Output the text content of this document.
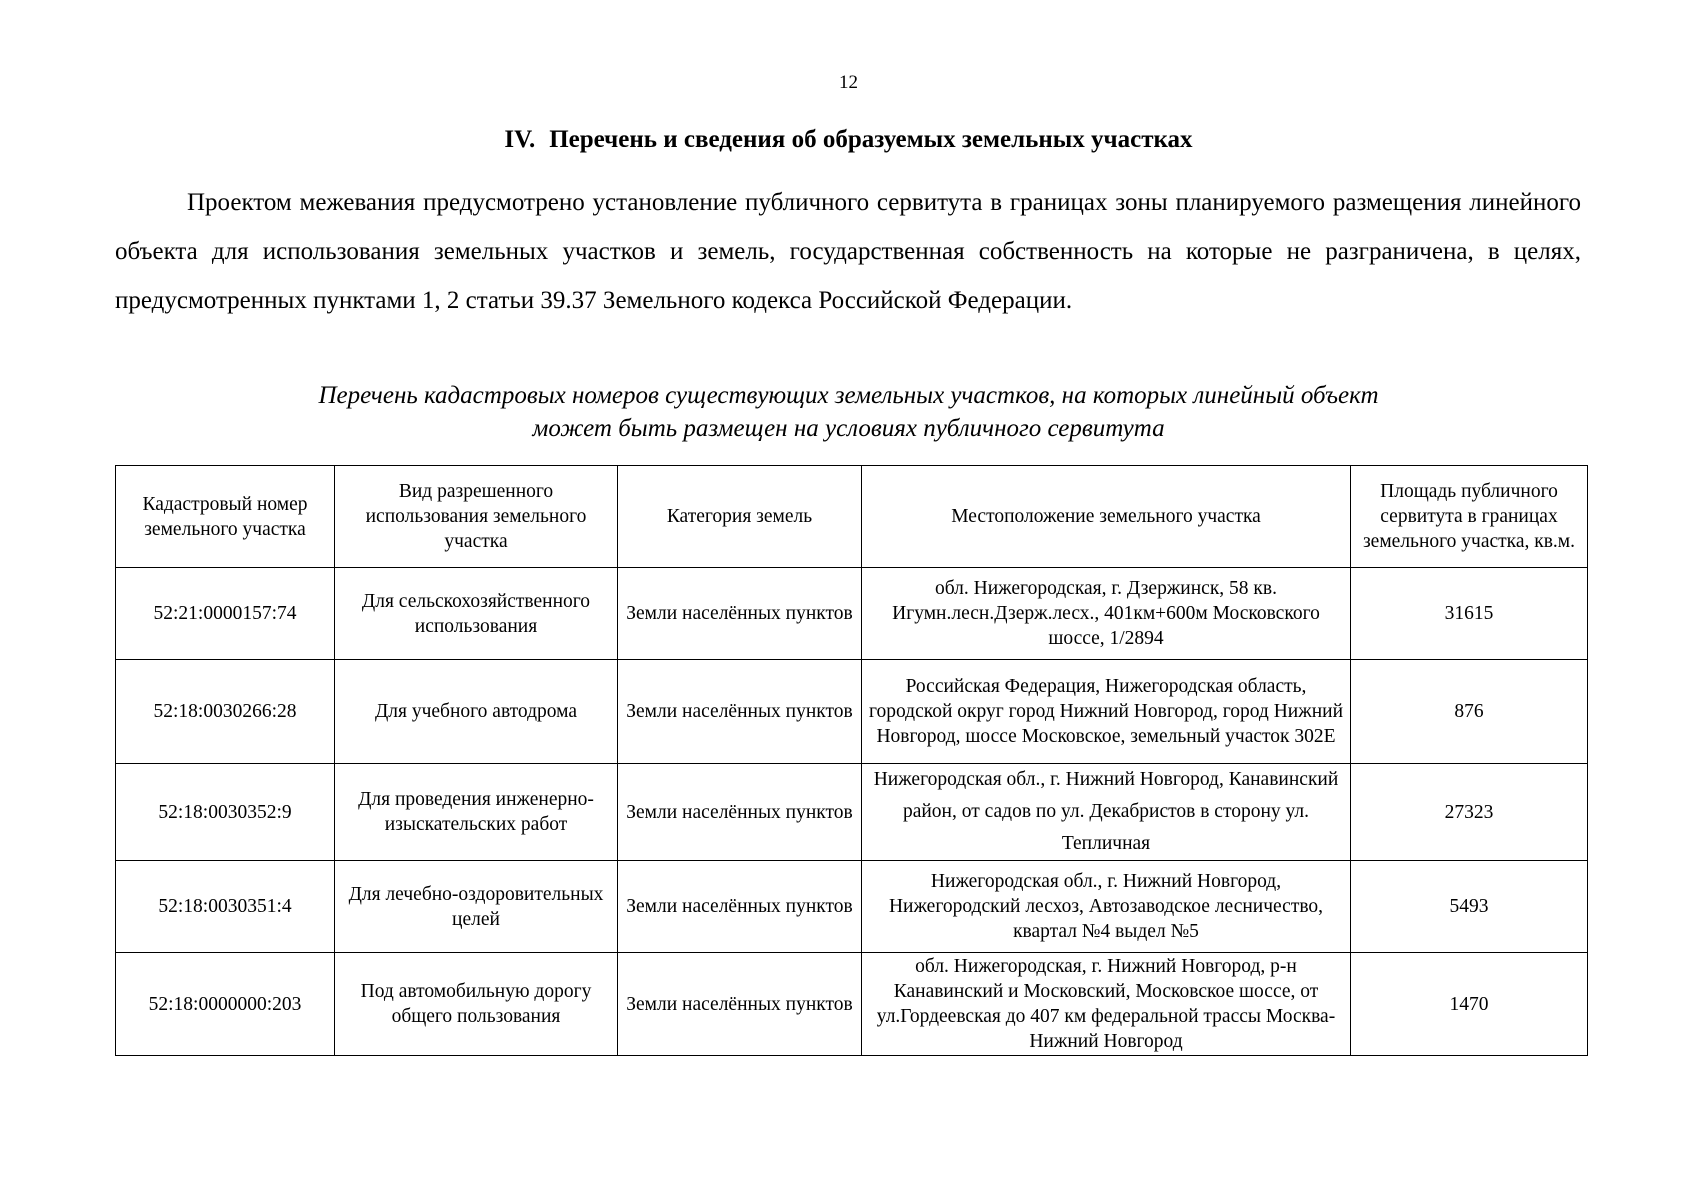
12
IV. Перечень и сведения об образуемых земельных участках

Проектом межевания предусмотрено установление публичного сервитута в границах зоны планируемого размещения линейного объекта для использования земельных участков и земель, государственная собственность на которые не разграничена, в целях, предусмотренных пунктами 1, 2 статьи 39.37 Земельного кодекса Российской Федерации.

Перечень кадастровых номеров существующих земельных участков, на которых линейный объект
может быть размещен на условиях публичного сервитута
Кадастровый номер земельного участка	Вид разрешенного использования земельного участка	Категория земель	Местоположение земельного участка	Площадь публичного сервитута в границах земельного участка, кв.м.
52:21:0000157:74	Для сельскохозяйственного использования	Земли населённых пунктов	обл. Нижегородская, г. Дзержинск, 58 кв. Игумн.лесн.Дзерж.лесх., 401км+600м Московского шоссе, 1/2894	31615
52:18:0030266:28	Для учебного автодрома	Земли населённых пунктов	Российская Федерация, Нижегородская область, городской округ город Нижний Новгород, город Нижний Новгород, шоссе Московское, земельный участок 302Е	876
52:18:0030352:9	Для проведения инженерно-изыскательских работ	Земли населённых пунктов	Нижегородская обл., г. Нижний Новгород, Канавинский район, от садов по ул. Декабристов в сторону ул. Тепличная	27323
52:18:0030351:4	Для лечебно-оздоровительных целей	Земли населённых пунктов	Нижегородская обл., г. Нижний Новгород, Нижегородский лесхоз, Автозаводское лесничество, квартал №4 выдел №5	5493
52:18:0000000:203	Под автомобильную дорогу общего пользования	Земли населённых пунктов	обл. Нижегородская, г. Нижний Новгород, р-н Канавинский и Московский, Московское шоссе, от ул.Гордеевская до 407 км федеральной трассы Москва-Нижний Новгород	1470
